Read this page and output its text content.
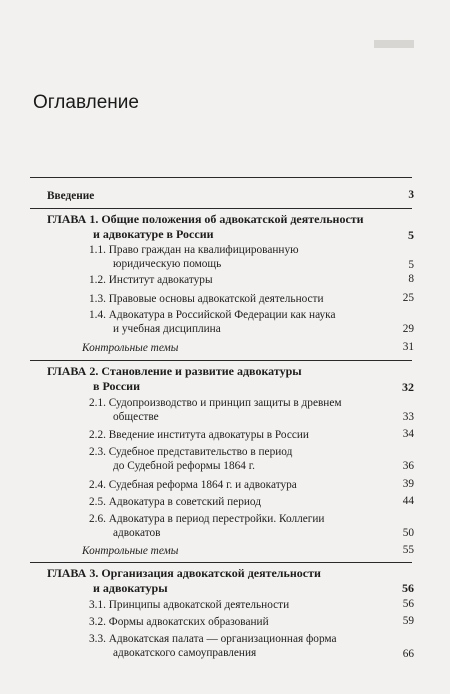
Оглавление
Введение	3
ГЛАВА 1. Общие положения об адвокатской деятельности
и адвокатуре в России	5
1.1. Право граждан на квалифицированную
юридическую помощь	5
1.2. Институт адвокатуры	8
1.3. Правовые основы адвокатской деятельности	25
1.4. Адвокатура в Российской Федерации как наука
и учебная дисциплина	29
Контрольные темы	31
ГЛАВА 2. Становление и развитие адвокатуры
в России	32
2.1. Судопроизводство и принцип защиты в древнем
обществе	33
2.2. Введение института адвокатуры в России	34
2.3. Судебное представительство в период
до Судебной реформы 1864 г.	36
2.4. Судебная реформа 1864 г. и адвокатура	39
2.5. Адвокатура в советский период	44
2.6. Адвокатура в период перестройки. Коллегии
адвокатов	50
Контрольные темы	55
ГЛАВА 3. Организация адвокатской деятельности
и адвокатуры	56
3.1. Принципы адвокатской деятельности	56
3.2. Формы адвокатских образований	59
3.3. Адвокатская палата — организационная форма
адвокатского самоуправления	66
